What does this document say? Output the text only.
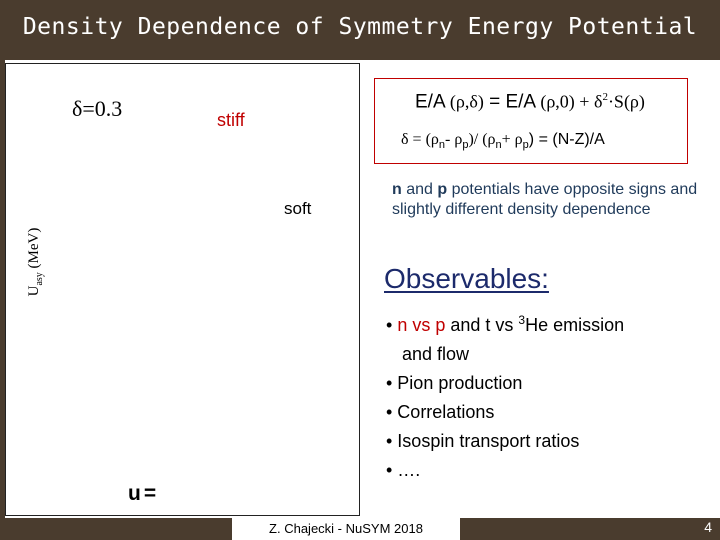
Density Dependence of Symmetry Energy Potential
δ=0.3	stiff
soft
$U_{asy}$ (MeV)
u=
E/A (ρ,δ) = E/A $(\rho,0) + \delta^2\cdot S(\rho)$
$\delta = (\rho_n-$ $\rho_p)/$ $(\rho_n+ \rho_p) = (N-Z)/A$
n and p potentials have opposite signs and slightly different density dependence
Observables:
• n vs p and t vs $^3$He emission
and flow
• Pion production
• Correlations
• Isospin transport ratios
• ….
Z. Chajecki - NuSYM 2018	4
